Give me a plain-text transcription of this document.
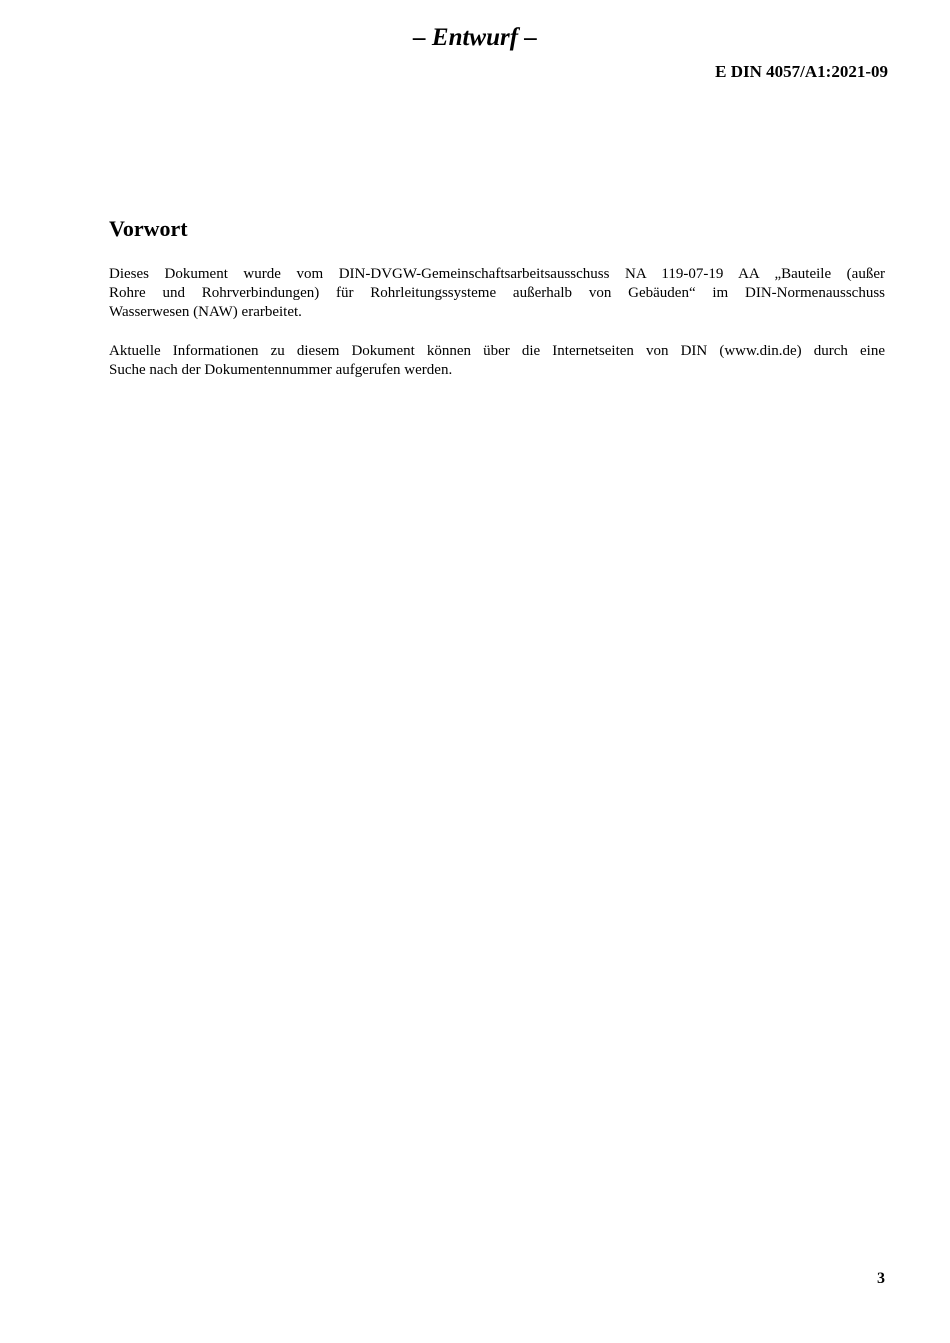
– Entwurf –
E DIN 4057/A1:2021-09
Vorwort
Dieses Dokument wurde vom DIN-DVGW-Gemeinschaftsarbeitsausschuss NA 119-07-19 AA „Bauteile (außer
Rohre und Rohrverbindungen) für Rohrleitungssysteme außerhalb von Gebäuden“ im DIN-Normenausschuss
Wasserwesen (NAW) erarbeitet.
Aktuelle Informationen zu diesem Dokument können über die Internetseiten von DIN (www.din.de) durch eine
Suche nach der Dokumentennummer aufgerufen werden.
3
